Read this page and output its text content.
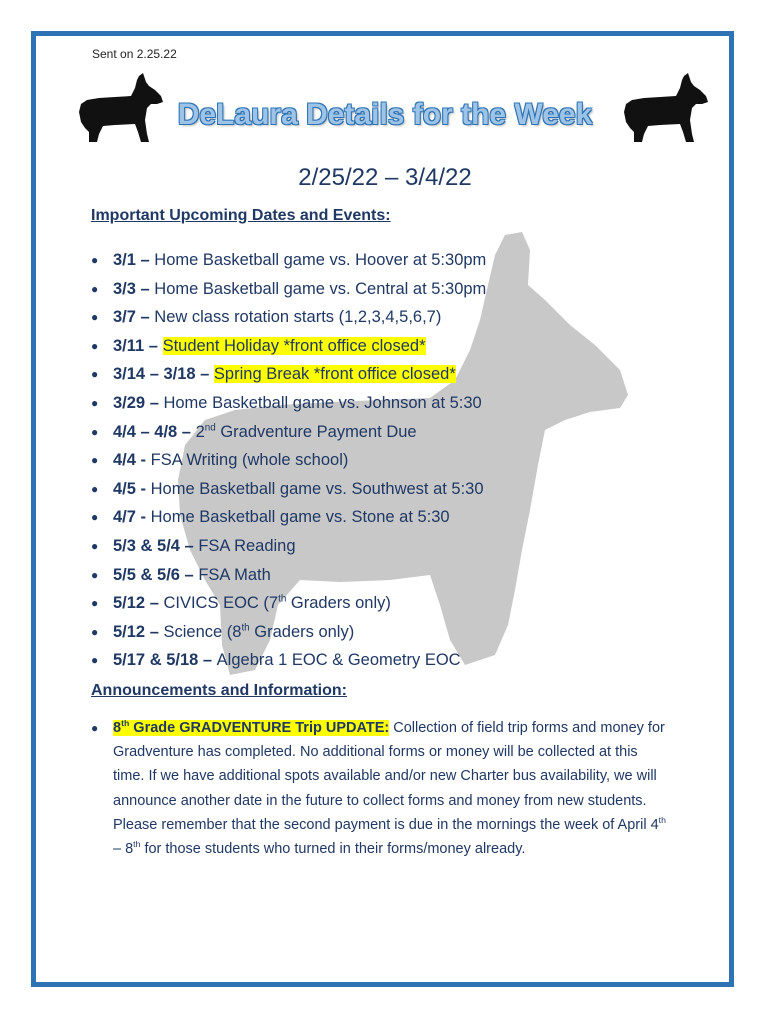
Sent on 2.25.22
DeLaura Details for the Week
2/25/22 – 3/4/22
Important Upcoming Dates and Events:
● 3/1 – Home Basketball game vs. Hoover at 5:30pm
● 3/3 – Home Basketball game vs. Central at 5:30pm
● 3/7 – New class rotation starts (1,2,3,4,5,6,7)
● 3/11 – Student Holiday *front office closed*
● 3/14 – 3/18 – Spring Break *front office closed*
● 3/29 – Home Basketball game vs. Johnson at 5:30
● 4/4 – 4/8 – 2nd Gradventure Payment Due
● 4/4 - FSA Writing (whole school)
● 4/5 - Home Basketball game vs. Southwest at 5:30
● 4/7 - Home Basketball game vs. Stone at 5:30
● 5/3 & 5/4 – FSA Reading
● 5/5 & 5/6 – FSA Math
● 5/12 – CIVICS EOC (7th Graders only)
● 5/12 – Science (8th Graders only)
● 5/17 & 5/18 – Algebra 1 EOC & Geometry EOC
Announcements and Information:
● 8th Grade GRADVENTURE Trip UPDATE: Collection of field trip forms and money for Gradventure has completed. No additional forms or money will be collected at this time. If we have additional spots available and/or new Charter bus availability, we will announce another date in the future to collect forms and money from new students. Please remember that the second payment is due in the mornings the week of April 4th – 8th for those students who turned in their forms/money already.
